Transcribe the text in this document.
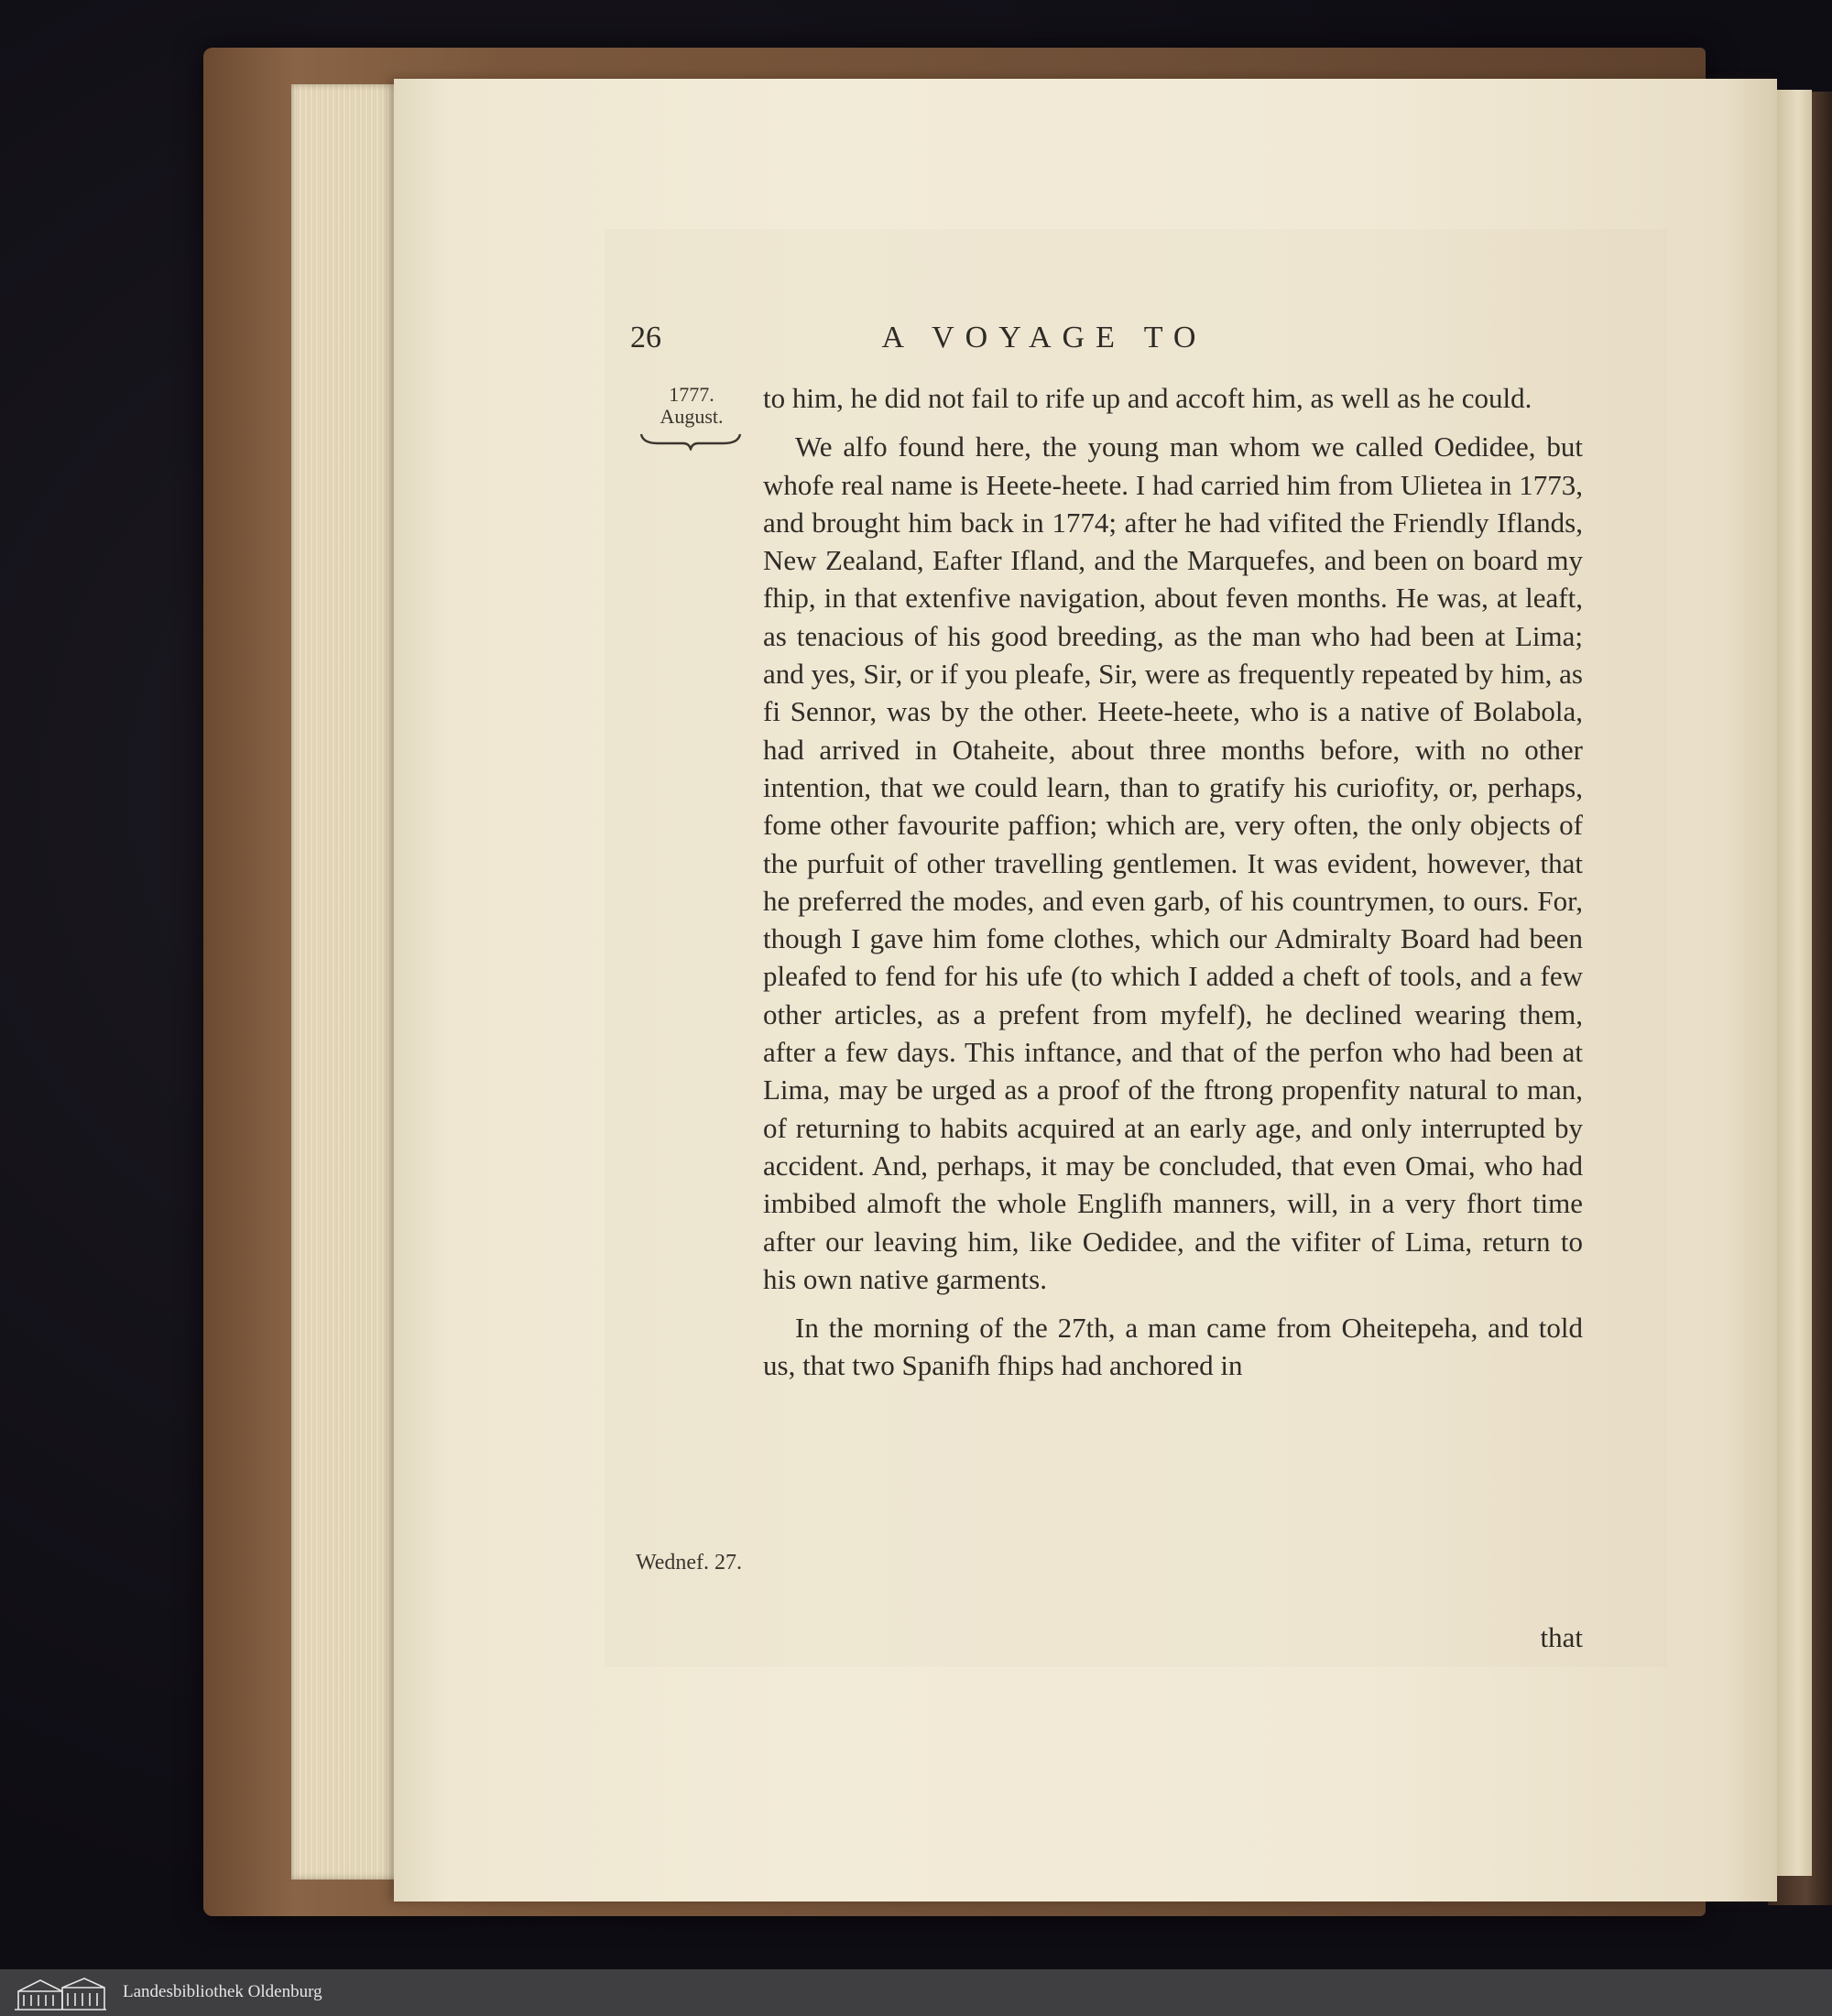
26	A VOYAGE TO
1777.
August.
Wednef. 27.

to him, he did not fail to rife up and accoft him, as well as he could.

We alfo found here, the young man whom we called Oedidee, but whofe real name is Heete-heete. I had carried him from Ulietea in 1773, and brought him back in 1774; after he had vifited the Friendly Iflands, New Zealand, Eafter Ifland, and the Marquefes, and been on board my fhip, in that extenfive navigation, about feven months. He was, at leaft, as tenacious of his good breeding, as the man who had been at Lima; and yes, Sir, or if you pleafe, Sir, were as frequently repeated by him, as fi Sennor, was by the other. Heete-heete, who is a native of Bolabola, had arrived in Otaheite, about three months before, with no other intention, that we could learn, than to gratify his curiofity, or, perhaps, fome other favourite paffion; which are, very often, the only objects of the purfuit of other travelling gentlemen. It was evident, however, that he preferred the modes, and even garb, of his countrymen, to ours. For, though I gave him fome clothes, which our Admiralty Board had been pleafed to fend for his ufe (to which I added a cheft of tools, and a few other articles, as a prefent from myfelf), he declined wearing them, after a few days. This inftance, and that of the perfon who had been at Lima, may be urged as a proof of the ftrong propenfity natural to man, of returning to habits acquired at an early age, and only interrupted by accident. And, perhaps, it may be concluded, that even Omai, who had imbibed almoft the whole Englifh manners, will, in a very fhort time after our leaving him, like Oedidee, and the vifiter of Lima, return to his own native garments.

In the morning of the 27th, a man came from Oheitepeha, and told us, that two Spanifh fhips had anchored in

that
Landesbibliothek Oldenburg
